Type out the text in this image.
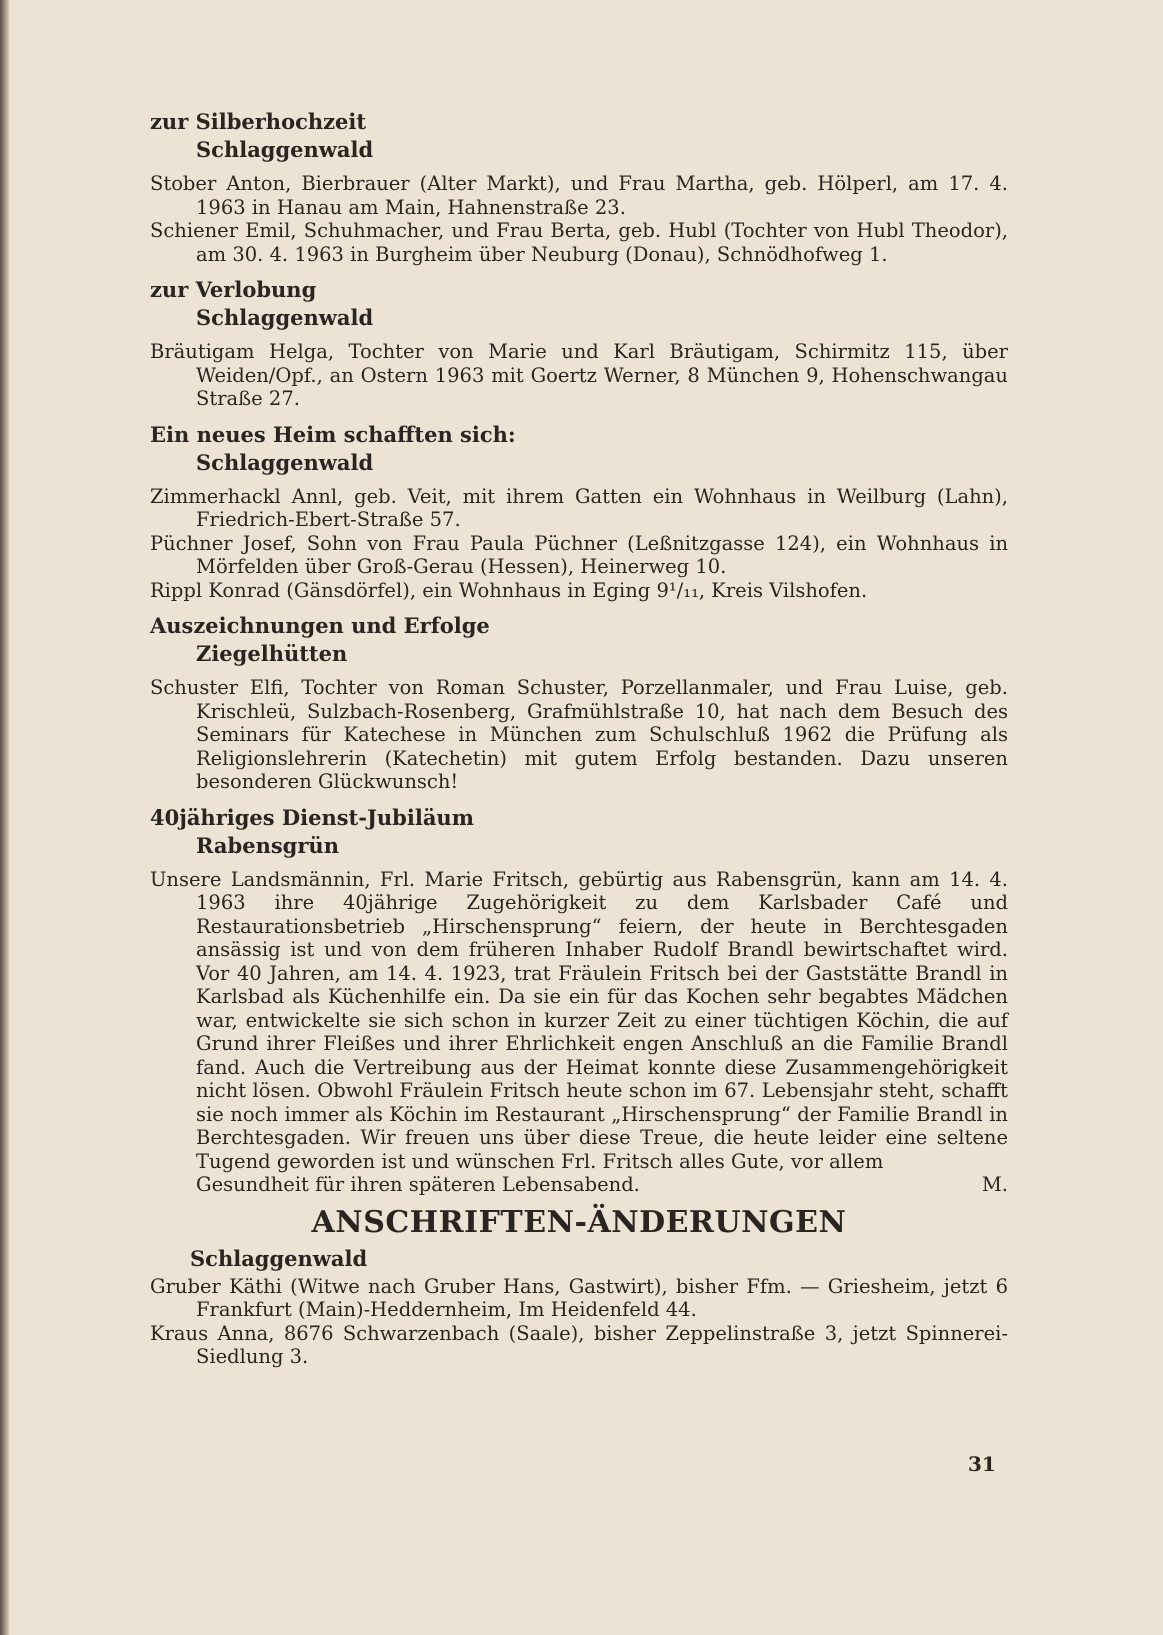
zur Silberhochzeit

Schlaggenwald

Stober Anton, Bierbrauer (Alter Markt), und Frau Martha, geb. Hölperl, am 17. 4. 1963 in Hanau am Main, Hahnenstraße 23.

Schiener Emil, Schuhmacher, und Frau Berta, geb. Hubl (Tochter von Hubl Theodor), am 30. 4. 1963 in Burgheim über Neuburg (Donau), Schnödhofweg 1.

zur Verlobung

Schlaggenwald

Bräutigam Helga, Tochter von Marie und Karl Bräutigam, Schirmitz 115, über Weiden/Opf., an Ostern 1963 mit Goertz Werner, 8 München 9, Hohenschwangau Straße 27.

Ein neues Heim schafften sich:

Schlaggenwald

Zimmerhackl Annl, geb. Veit, mit ihrem Gatten ein Wohnhaus in Weilburg (Lahn), Friedrich-Ebert-Straße 57.

Püchner Josef, Sohn von Frau Paula Püchner (Leßnitzgasse 124), ein Wohnhaus in Mörfelden über Groß-Gerau (Hessen), Heinerweg 10.

Rippl Konrad (Gänsdörfel), ein Wohnhaus in Eging 9¹/₁₁, Kreis Vilshofen.

Auszeichnungen und Erfolge

Ziegelhütten

Schuster Elfi, Tochter von Roman Schuster, Porzellanmaler, und Frau Luise, geb. Krischleü, Sulzbach-Rosenberg, Grafmühlstraße 10, hat nach dem Besuch des Seminars für Katechese in München zum Schulschluß 1962 die Prüfung als Religionslehrerin (Katechetin) mit gutem Erfolg bestanden. Dazu unseren besonderen Glückwunsch!

40jähriges Dienst-Jubiläum

Rabensgrün

Unsere Landsmännin, Frl. Marie Fritsch, gebürtig aus Rabensgrün, kann am 14. 4. 1963 ihre 40jährige Zugehörigkeit zu dem Karlsbader Café und Restaurationsbetrieb „Hirschensprung“ feiern, der heute in Berchtesgaden ansässig ist und von dem früheren Inhaber Rudolf Brandl bewirtschaftet wird. Vor 40 Jahren, am 14. 4. 1923, trat Fräulein Fritsch bei der Gaststätte Brandl in Karlsbad als Küchenhilfe ein. Da sie ein für das Kochen sehr begabtes Mädchen war, entwickelte sie sich schon in kurzer Zeit zu einer tüchtigen Köchin, die auf Grund ihrer Fleißes und ihrer Ehrlichkeit engen Anschluß an die Familie Brandl fand. Auch die Vertreibung aus der Heimat konnte diese Zusammengehörigkeit nicht lösen. Obwohl Fräulein Fritsch heute schon im 67. Lebensjahr steht, schafft sie noch immer als Köchin im Restaurant „Hirschensprung“ der Familie Brandl in Berchtesgaden. Wir freuen uns über diese Treue, die heute leider eine seltene Tugend geworden ist und wünschen Frl. Fritsch alles Gute, vor allem

Gesundheit für ihren späteren Lebensabend.	M.

ANSCHRIFTEN-ÄNDERUNGEN

Schlaggenwald

Gruber Käthi (Witwe nach Gruber Hans, Gastwirt), bisher Ffm. — Griesheim, jetzt 6 Frankfurt (Main)-Heddernheim, Im Heidenfeld 44.

Kraus Anna, 8676 Schwarzenbach (Saale), bisher Zeppelinstraße 3, jetzt Spinnerei-Siedlung 3.

31
